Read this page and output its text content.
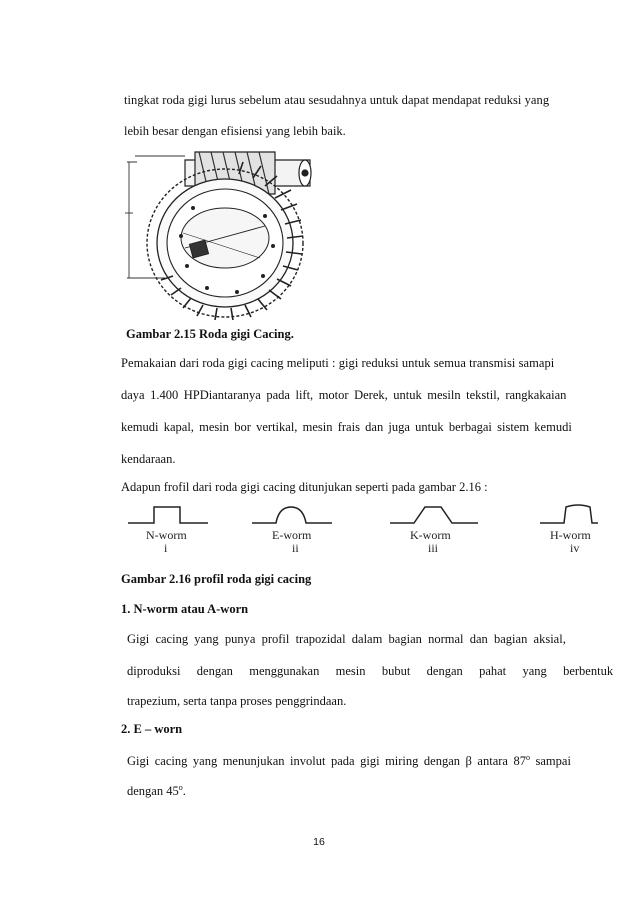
tingkat roda gigi lurus sebelum atau sesudahnya untuk dapat mendapat reduksi yang
lebih besar dengan efisiensi yang lebih baik.
Gambar 2.15 Roda gigi Cacing.
Pemakaian dari roda gigi cacing meliputi : gigi reduksi untuk semua transmisi samapi
daya 1.400 HPDiantaranya pada lift, motor Derek, untuk mesiln tekstil, rangkakaian
kemudi kapal, mesin bor vertikal, mesin frais dan juga untuk berbagai sistem kemudi
kendaraan.
Adapun frofil dari roda gigi cacing ditunjukan seperti pada gambar 2.16 :
N-worm
i
E-worm
ii
K-worm
iii
H-worm
iv
Gambar 2.16 profil roda gigi cacing
1. N-worm atau A-worn
Gigi cacing yang punya profil trapozidal dalam bagian normal dan bagian aksial,
diproduksi dengan menggunakan mesin bubut dengan pahat yang berbentuk
trapezium, serta tanpa proses penggrindaan.
2. E – worn
Gigi cacing yang menunjukan involut pada gigi miring dengan β antara 87$^o$ sampai
dengan 45$^o$.
16
